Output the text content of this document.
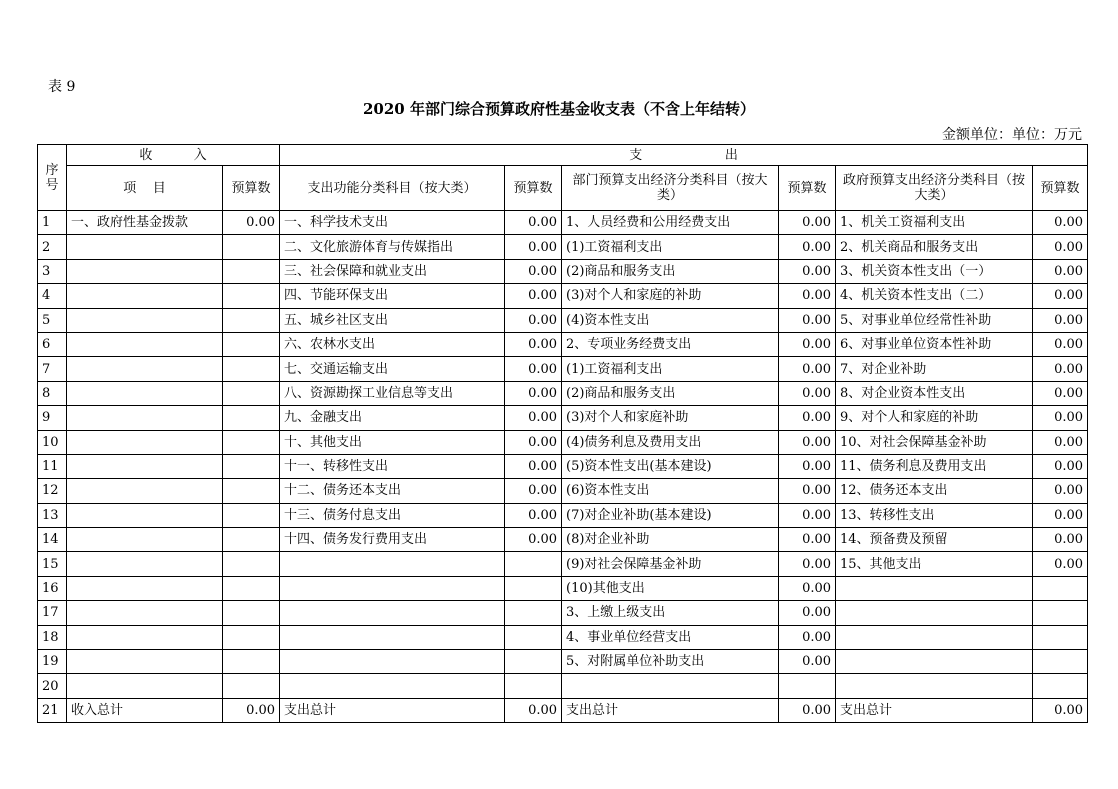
表 9
2020 年部门综合预算政府性基金收支表（不含上年结转）
金额单位：单位：万元
序号	收          入		支                    出					
	项    目	预算数	支出功能分类科目（按大类）	预算数	部门预算支出经济分类科目（按大类）	预算数	政府预算支出经济分类科目（按大类）	预算数
1	一、政府性基金拨款	0.00	一、科学技术支出	0.00	1、人员经费和公用经费支出	0.00	1、机关工资福利支出	0.00
2			二、文化旅游体育与传媒指出	0.00	(1)工资福利支出	0.00	2、机关商品和服务支出	0.00
3			三、社会保障和就业支出	0.00	(2)商品和服务支出	0.00	3、机关资本性支出（一）	0.00
4			四、节能环保支出	0.00	(3)对个人和家庭的补助	0.00	4、机关资本性支出（二）	0.00
5			五、城乡社区支出	0.00	(4)资本性支出	0.00	5、对事业单位经常性补助	0.00
6			六、农林水支出	0.00	2、专项业务经费支出	0.00	6、对事业单位资本性补助	0.00
7			七、交通运输支出	0.00	(1)工资福利支出	0.00	7、对企业补助	0.00
8			八、资源勘探工业信息等支出	0.00	(2)商品和服务支出	0.00	8、对企业资本性支出	0.00
9			九、金融支出	0.00	(3)对个人和家庭补助	0.00	9、对个人和家庭的补助	0.00
10			十、其他支出	0.00	(4)债务利息及费用支出	0.00	10、对社会保障基金补助	0.00
11			十一、转移性支出	0.00	(5)资本性支出(基本建设)	0.00	11、债务利息及费用支出	0.00
12			十二、债务还本支出	0.00	(6)资本性支出	0.00	12、债务还本支出	0.00
13			十三、债务付息支出	0.00	(7)对企业补助(基本建设)	0.00	13、转移性支出	0.00
14			十四、债务发行费用支出	0.00	(8)对企业补助	0.00	14、预备费及预留	0.00
15					(9)对社会保障基金补助	0.00	15、其他支出	0.00
16					(10)其他支出	0.00		
17					3、上缴上级支出	0.00		
18					4、事业单位经营支出	0.00		
19					5、对附属单位补助支出	0.00		
20								
21	收入总计	0.00	支出总计	0.00	支出总计	0.00	支出总计	0.00
